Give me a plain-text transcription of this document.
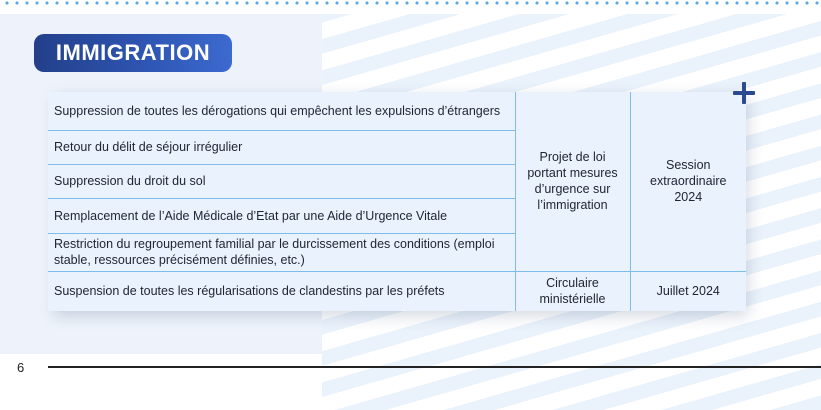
IMMIGRATION
Suppression de toutes les dérogations qui empêchent les expulsions d’étrangers	Projet de loi portant mesures d’urgence sur l’immigration	Session extraordinaire 2024
Retour du délit de séjour irrégulier		
Suppression du droit du sol		
Remplacement de l’Aide Médicale d’Etat par une Aide d’Urgence Vitale		
Restriction du regroupement familial par le durcissement des conditions (emploi stable, ressources précisément définies, etc.)		
Suspension de toutes les régularisations de clandestins par les préfets	Circulaire ministérielle	Juillet 2024
6
